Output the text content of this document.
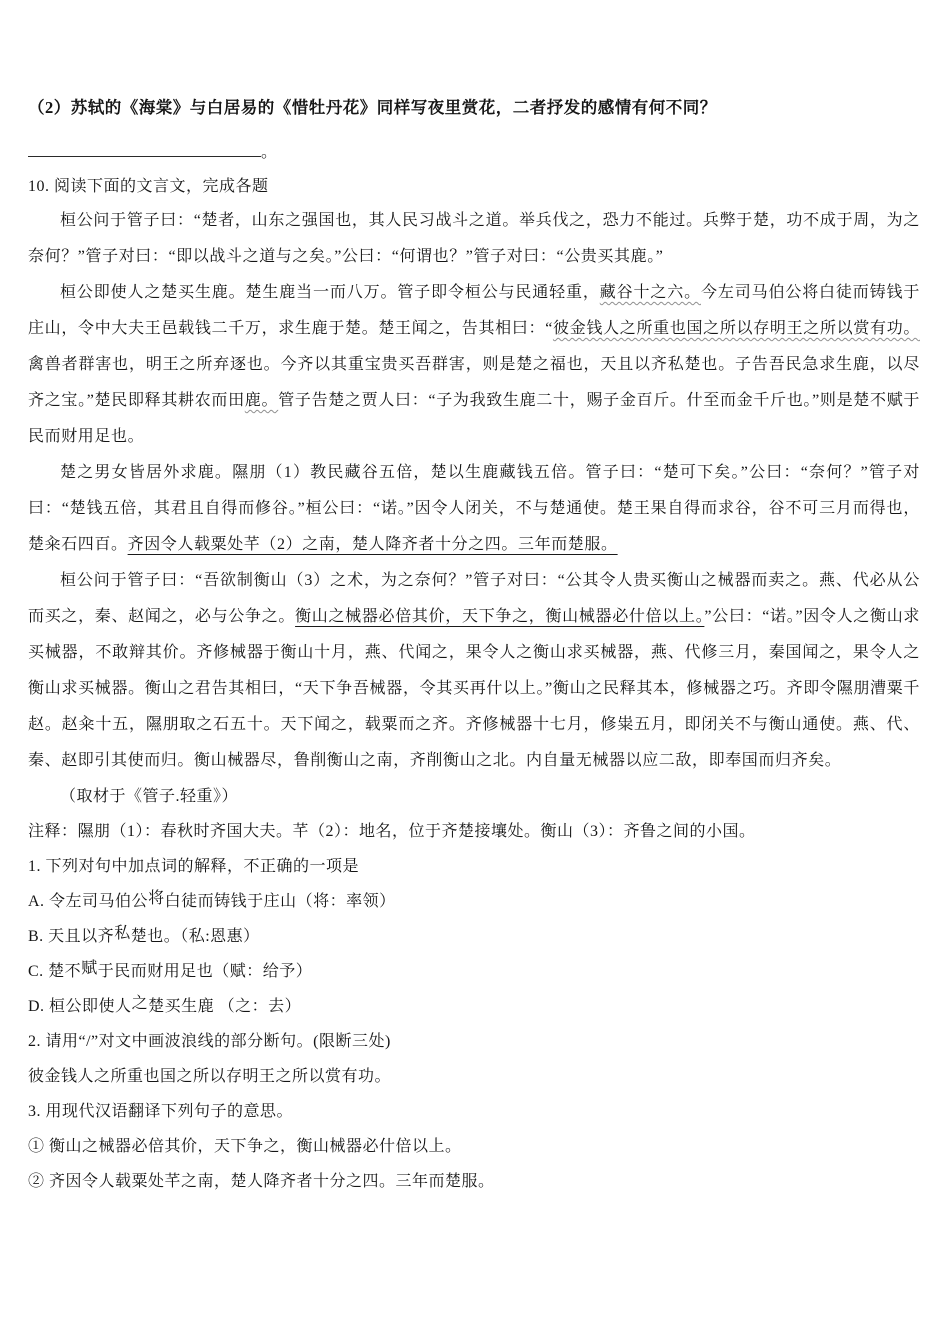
（2）苏轼的《海棠》与白居易的《惜牡丹花》同样写夜里赏花，二者抒发的感情有何不同？

。

10. 阅读下面的文言文，完成各题

桓公问于管子曰：“楚者，山东之强国也，其人民习战斗之道。举兵伐之，恐力不能过。兵弊于楚，功不成于周，为之奈何？”管子对曰：“即以战斗之道与之矣。”公曰：“何谓也？”管子对曰：“公贵买其鹿。”

桓公即使人之楚买生鹿。楚生鹿当一而八万。管子即令桓公与民通轻重，藏谷十之六。今左司马伯公将白徒而铸钱于庄山，令中大夫王邑载钱二千万，求生鹿于楚。楚王闻之，告其相曰：“彼金钱人之所重也国之所以存明王之所以赏有功。禽兽者群害也，明王之所弃逐也。今齐以其重宝贵买吾群害，则是楚之福也，天且以齐私楚也。子告吾民急求生鹿，以尽齐之宝。”楚民即释其耕农而田鹿。管子告楚之贾人曰：“子为我致生鹿二十，赐子金百斤。什至而金千斤也。”则是楚不赋于民而财用足也。

楚之男女皆居外求鹿。隰朋（1）教民藏谷五倍，楚以生鹿藏钱五倍。管子曰：“楚可下矣。”公曰：“奈何？”管子对曰：“楚钱五倍，其君且自得而修谷。”桓公曰：“诺。”因令人闭关，不与楚通使。楚王果自得而求谷，谷不可三月而得也，楚籴石四百。齐因令人载粟处芊（2）之南，楚人降齐者十分之四。三年而楚服。

桓公问于管子曰：“吾欲制衡山（3）之术，为之奈何？”管子对曰：“公其令人贵买衡山之械器而卖之。燕、代必从公而买之，秦、赵闻之，必与公争之。衡山之械器必倍其价，天下争之，衡山械器必什倍以上。”公曰：“诺。”因令人之衡山求买械器，不敢辩其价。齐修械器于衡山十月，燕、代闻之，果令人之衡山求买械器，燕、代修三月，秦国闻之，果令人之衡山求买械器。衡山之君告其相曰，“天下争吾械器，令其买再什以上。”衡山之民释其本，修械器之巧。齐即令隰朋漕粟千赵。赵籴十五，隰朋取之石五十。天下闻之，载粟而之齐。齐修械器十七月，修粜五月，即闭关不与衡山通使。燕、代、秦、赵即引其使而归。衡山械器尽，鲁削衡山之南，齐削衡山之北。内自量无械器以应二敌，即奉国而归齐矣。

（取材于《管子.轻重》）

注释：隰朋（1）：春秋时齐国大夫。芊（2）：地名，位于齐楚接壤处。衡山（3）：齐鲁之间的小国。

1. 下列对句中加点词的解释，不正确的一项是

A. 令左司马伯公将白徒而铸钱于庄山（将：率领）

B. 天且以齐私楚也。（私:恩惠）

C. 楚不赋于民而财用足也（赋：给予）

D. 桓公即使人之楚买生鹿 （之：去）

2. 请用“/”对文中画波浪线的部分断句。(限断三处)

彼金钱人之所重也国之所以存明王之所以赏有功。

3. 用现代汉语翻译下列句子的意思。

① 衡山之械器必倍其价，天下争之，衡山械器必什倍以上。

② 齐因令人载粟处芊之南，楚人降齐者十分之四。三年而楚服。
